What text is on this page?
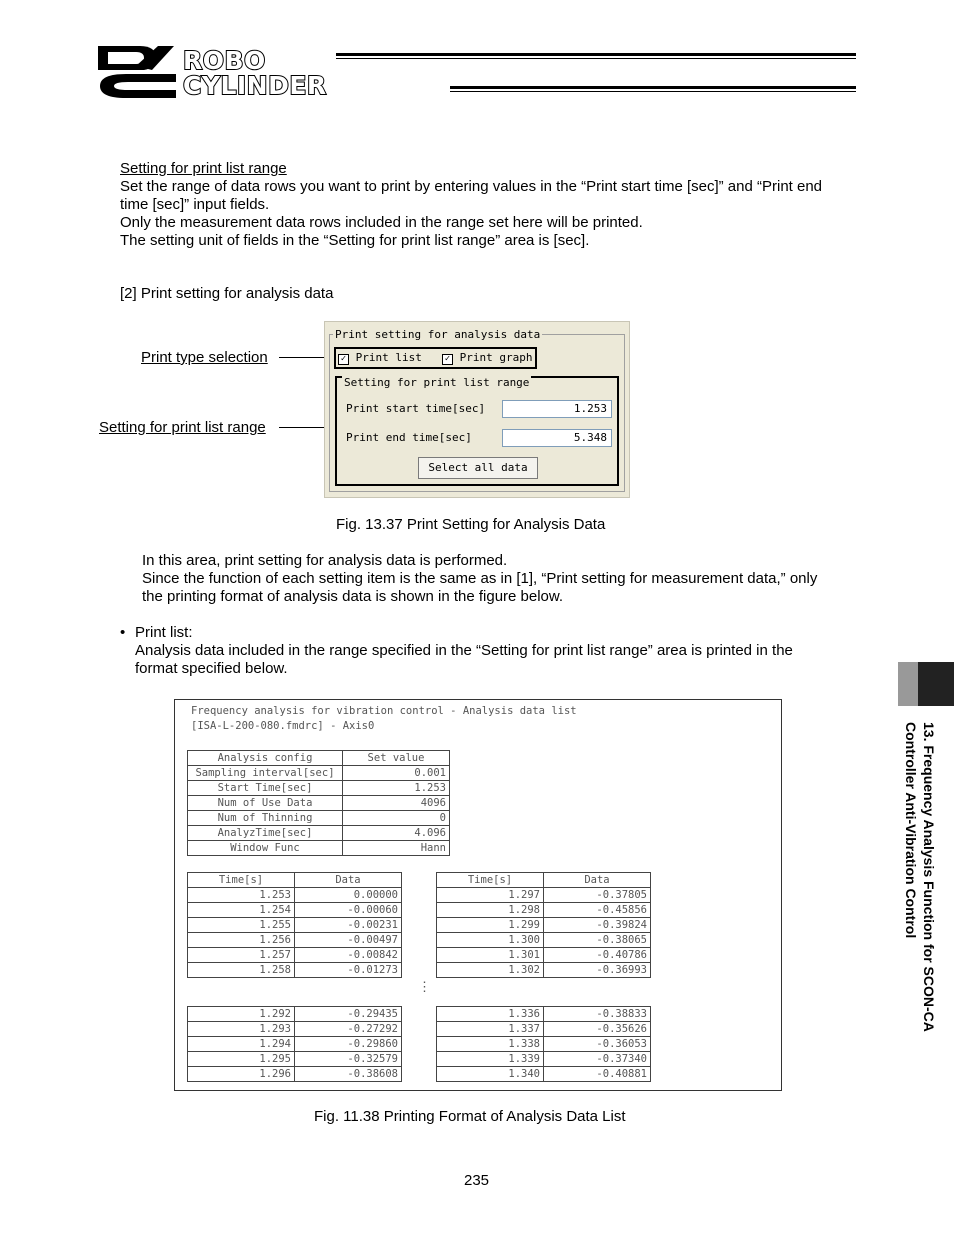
ROBO
CYLINDER
Setting for print list range
Set the range of data rows you want to print by entering values in the “Print start time [sec]” and “Print end
time [sec]” input fields.
Only the measurement data rows included in the range set here will be printed.
The setting unit of fields in the “Setting for print list range” area is [sec].
[2] Print setting for analysis data
Print type selection
Setting for print list range
Print setting for analysis data
✓ Print list	✓ Print graph
Setting for print list range
Print start time[sec]	1.253
Print end time[sec]	5.348
Select all data
Fig. 13.37 Print Setting for Analysis Data
In this area, print setting for analysis data is performed.
Since the function of each setting item is the same as in [1], “Print setting for measurement data,” only
the printing format of analysis data is shown in the figure below.
• Print list:
Analysis data included in the range specified in the “Setting for print list range” area is printed in the
format specified below.
Frequency analysis for vibration control - Analysis data list
[ISA-L-200-080.fmdrc] - Axis0
Analysis config	Set value
Sampling interval[sec]	0.001
Start Time[sec]	1.253
Num of Use Data	4096
Num of Thinning	0
AnalyzTime[sec]	4.096
Window Func	Hann
Time[s]	Data
1.253	0.00000
1.254	-0.00060
1.255	-0.00231
1.256	-0.00497
1.257	-0.00842
1.258	-0.01273
Time[s]	Data
1.297	-0.37805
1.298	-0.45856
1.299	-0.39824
1.300	-0.38065
1.301	-0.40786
1.302	-0.36993
⋮
1.292	-0.29435
1.293	-0.27292
1.294	-0.29860
1.295	-0.32579
1.296	-0.38608
1.336	-0.38833
1.337	-0.35626
1.338	-0.36053
1.339	-0.37340
1.340	-0.40881
Fig. 11.38 Printing Format of Analysis Data List
235
13. Frequency Analysis Function for SCON-CA
Controller Anti-Vibration Control
